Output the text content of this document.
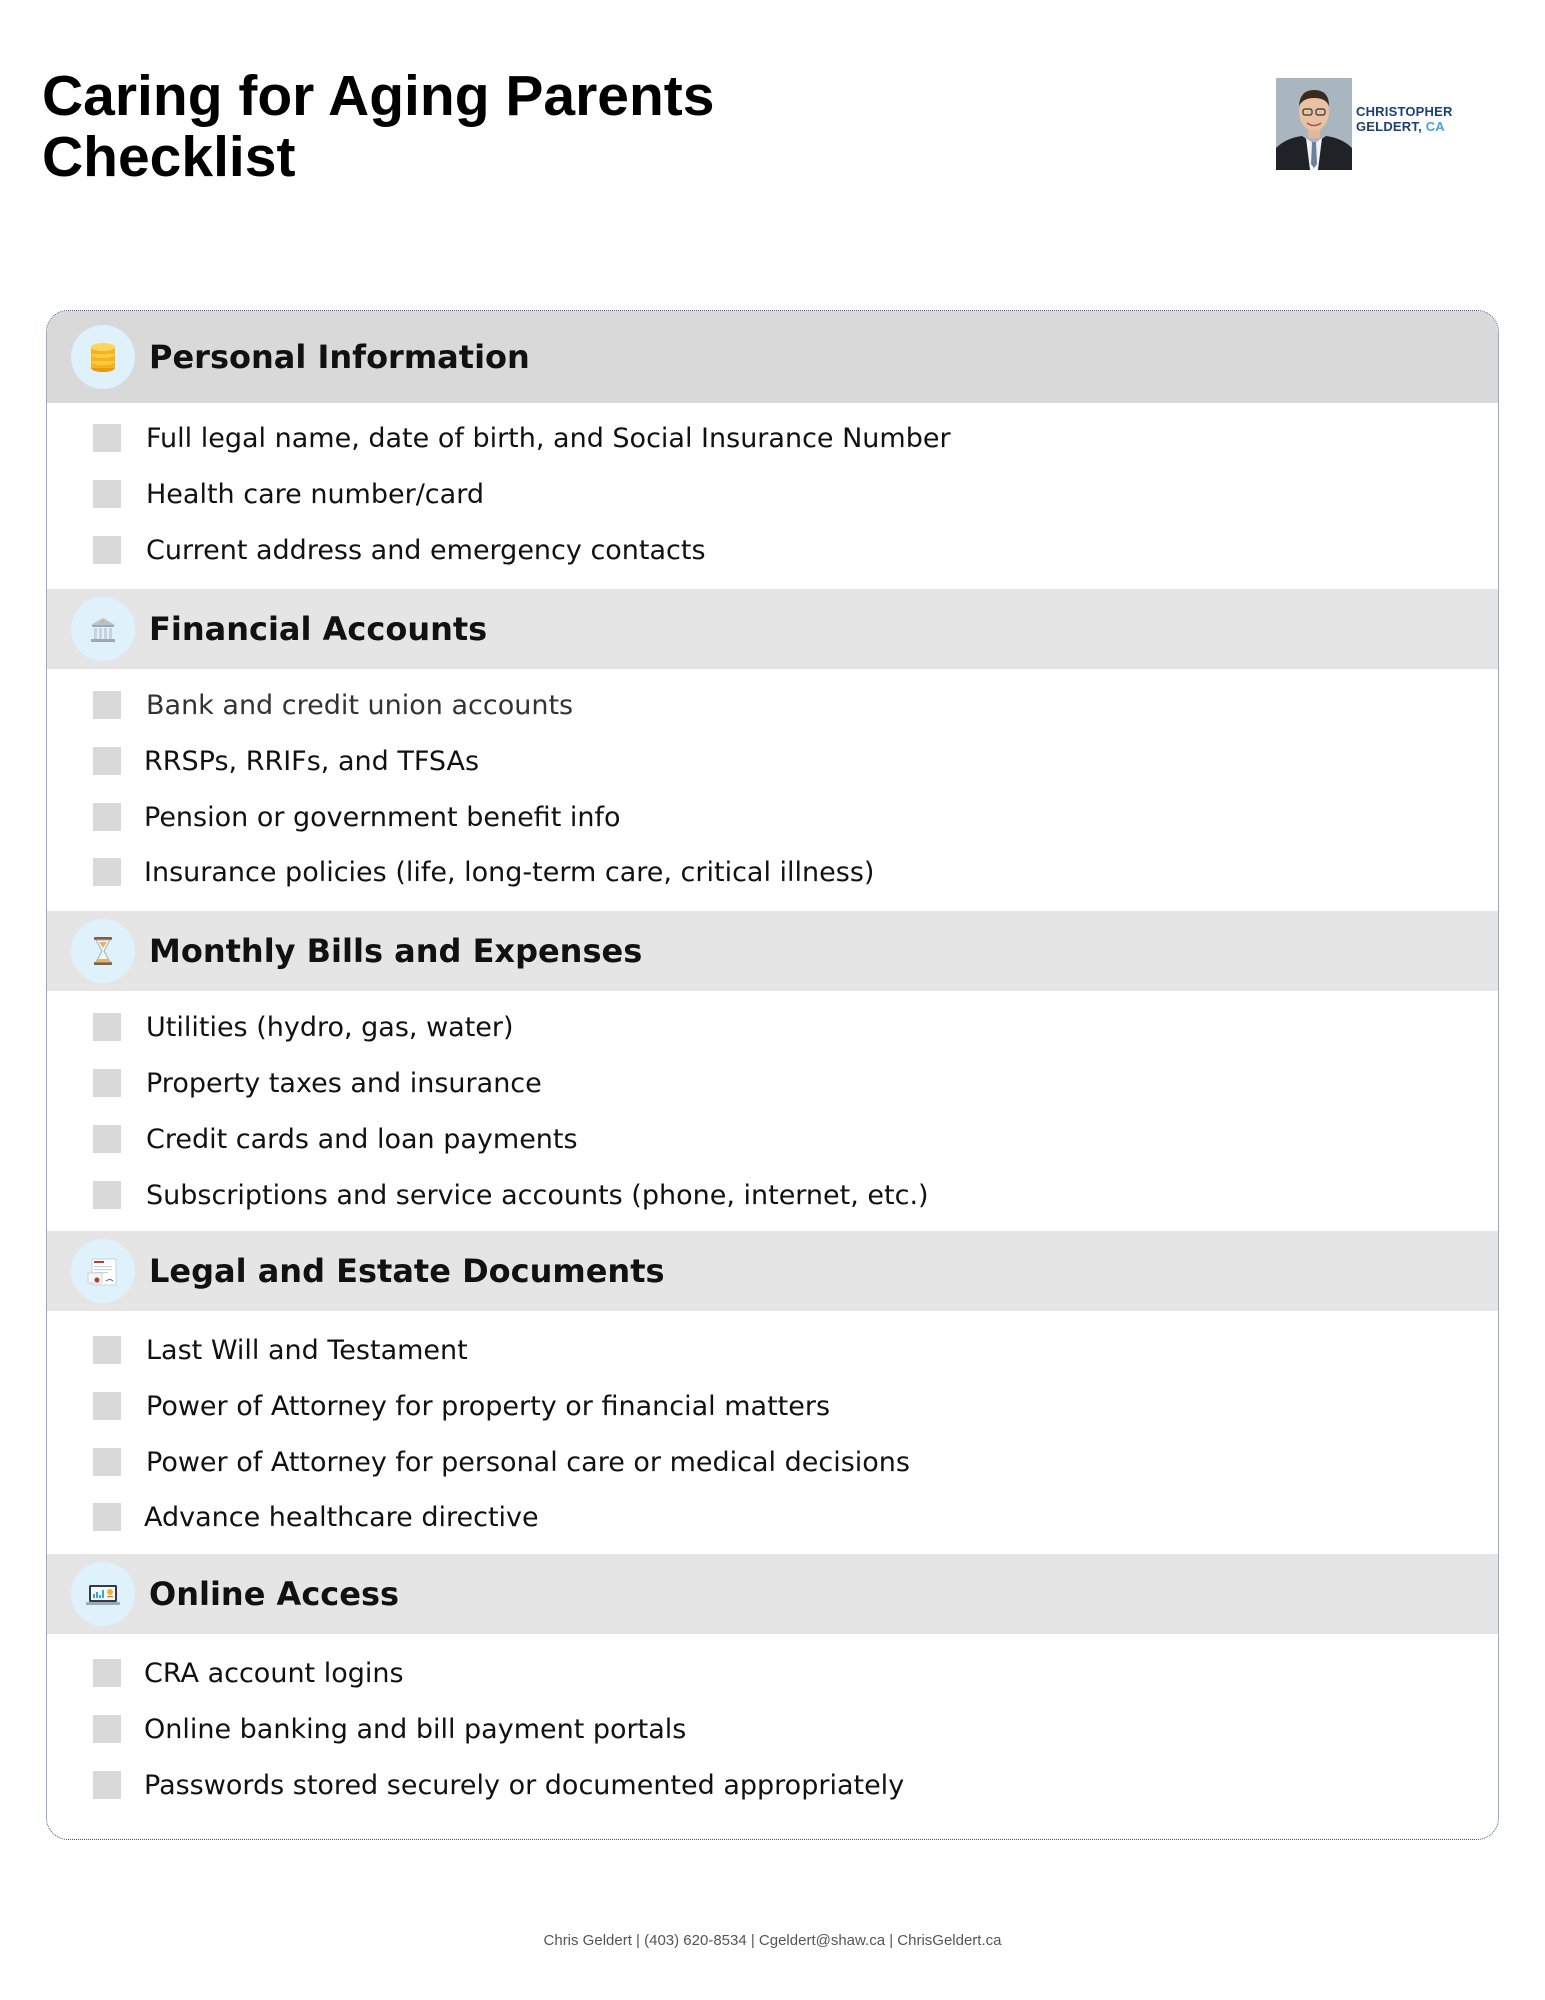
Caring for Aging Parents
Checklist
CHRISTOPHER
GELDERT, CA
Personal Information
Full legal name, date of birth, and Social Insurance Number
Health care number/card
Current address and emergency contacts
Financial Accounts
Bank and credit union accounts
RRSPs, RRIFs, and TFSAs
Pension or government benefit info
Insurance policies (life, long-term care, critical illness)
Monthly Bills and Expenses
Utilities (hydro, gas, water)
Property taxes and insurance
Credit cards and loan payments
Subscriptions and service accounts (phone, internet, etc.)
Legal and Estate Documents
Last Will and Testament
Power of Attorney for property or financial matters
Power of Attorney for personal care or medical decisions
Advance healthcare directive
Online Access
CRA account logins
Online banking and bill payment portals
Passwords stored securely or documented appropriately
Chris Geldert | (403) 620-8534 | Cgeldert@shaw.ca | ChrisGeldert.ca
